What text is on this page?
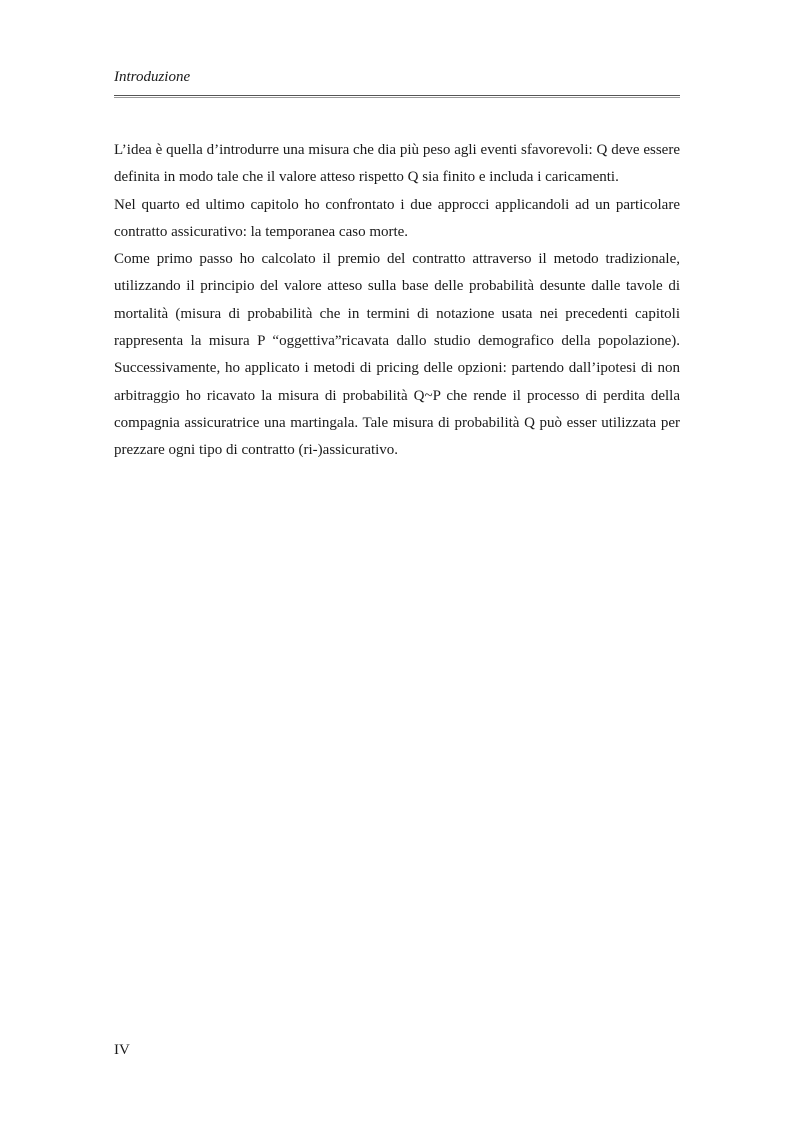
Introduzione

L’idea è quella d’introdurre una misura che dia più peso agli eventi sfavorevoli: Q deve essere definita in modo tale che il valore atteso rispetto Q sia finito e includa i caricamenti.

Nel quarto ed ultimo capitolo ho confrontato i due approcci applicandoli ad un particolare contratto assicurativo: la temporanea caso morte.

Come primo passo ho calcolato il premio del contratto attraverso il metodo tradizionale, utilizzando il principio del valore atteso sulla base delle probabilità desunte dalle tavole di mortalità (misura di probabilità che in termini di notazione usata nei precedenti capitoli rappresenta la misura P “oggettiva”ricavata dallo studio demografico della popolazione). Successivamente, ho applicato i metodi di pricing delle opzioni: partendo dall’ipotesi di non arbitraggio ho ricavato la misura di probabilità Q~P che rende il processo di perdita della compagnia assicuratrice una martingala. Tale misura di probabilità Q può esser utilizzata per prezzare ogni tipo di contratto (ri-)assicurativo.

IV
